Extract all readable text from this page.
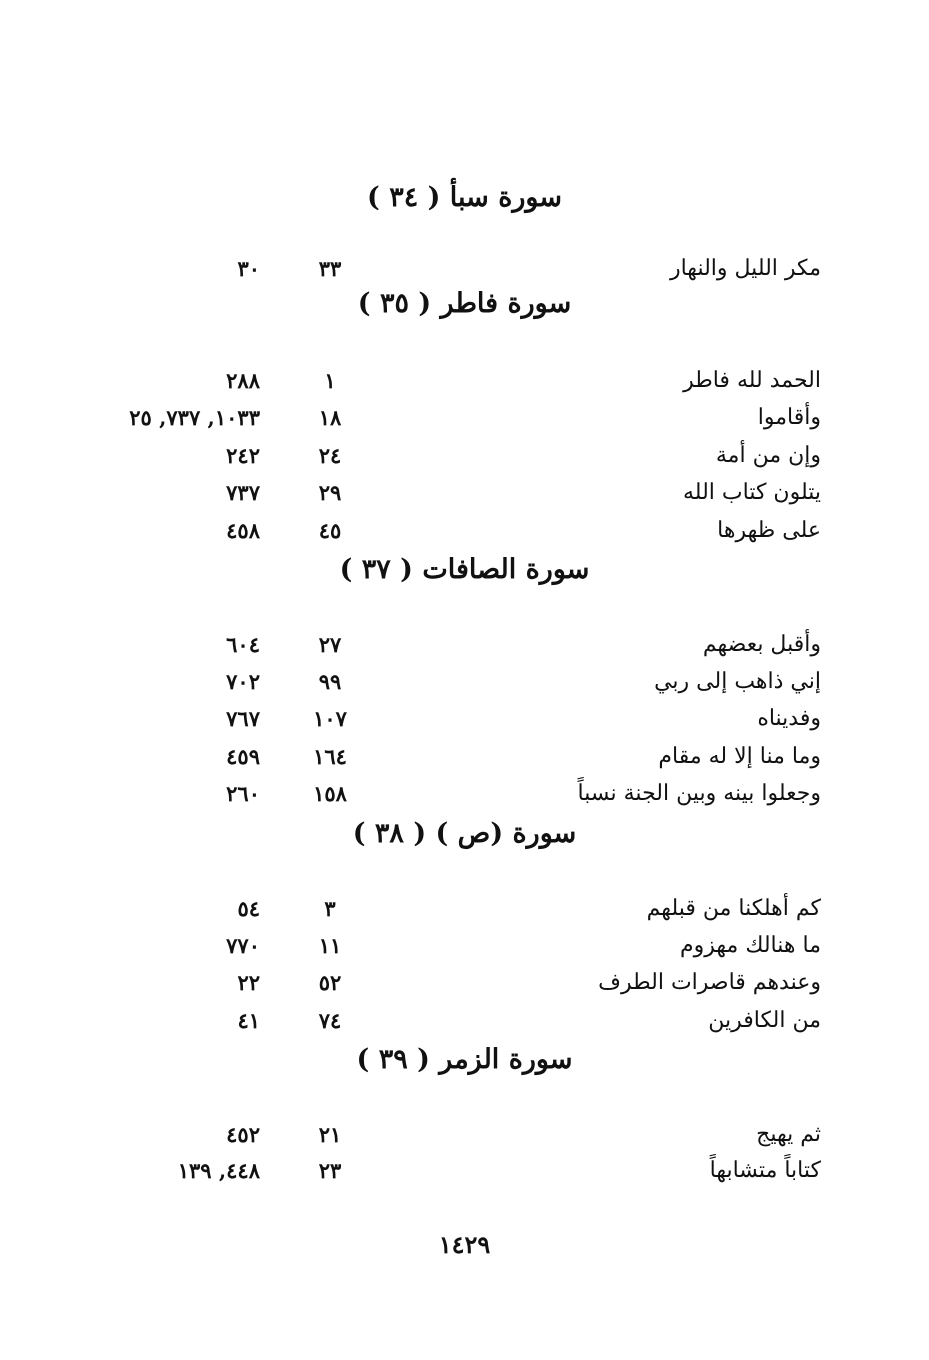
سورة سبأ ( ٣٤ )
مكر الليل والنهار
٣٣
٣٠
سورة فاطر ( ٣٥ )
الحمد لله فاطر
١
٢٨٨
وأقاموا
١٨
١٠٣٣, ٧٣٧, ٢٥
وإن من أمة
٢٤
٢٤٢
يتلون كتاب الله
٢٩
٧٣٧
على ظهرها
٤٥
٤٥٨
سورة الصافات ( ٣٧ )
وأقبل بعضهم
٢٧
٦٠٤
إني ذاهب إلى ربي
٩٩
٧٠٢
وفديناه
١٠٧
٧٦٧
وما منا إلا له مقام
١٦٤
٤٥٩
وجعلوا بينه وبين الجنة نسباً
١٥٨
٢٦٠
سورة (ص ) ( ٣٨ )
كم أهلكنا من قبلهم
٣
٥٤
ما هنالك مهزوم
١١
٧٧٠
وعندهم قاصرات الطرف
٥٢
٢٢
من الكافرين
٧٤
٤١
سورة الزمر ( ٣٩ )
ثم يهيج
٢١
٤٥٢
كتاباً متشابهاً
٢٣
٤٤٨, ١٣٩
١٤٢٩
